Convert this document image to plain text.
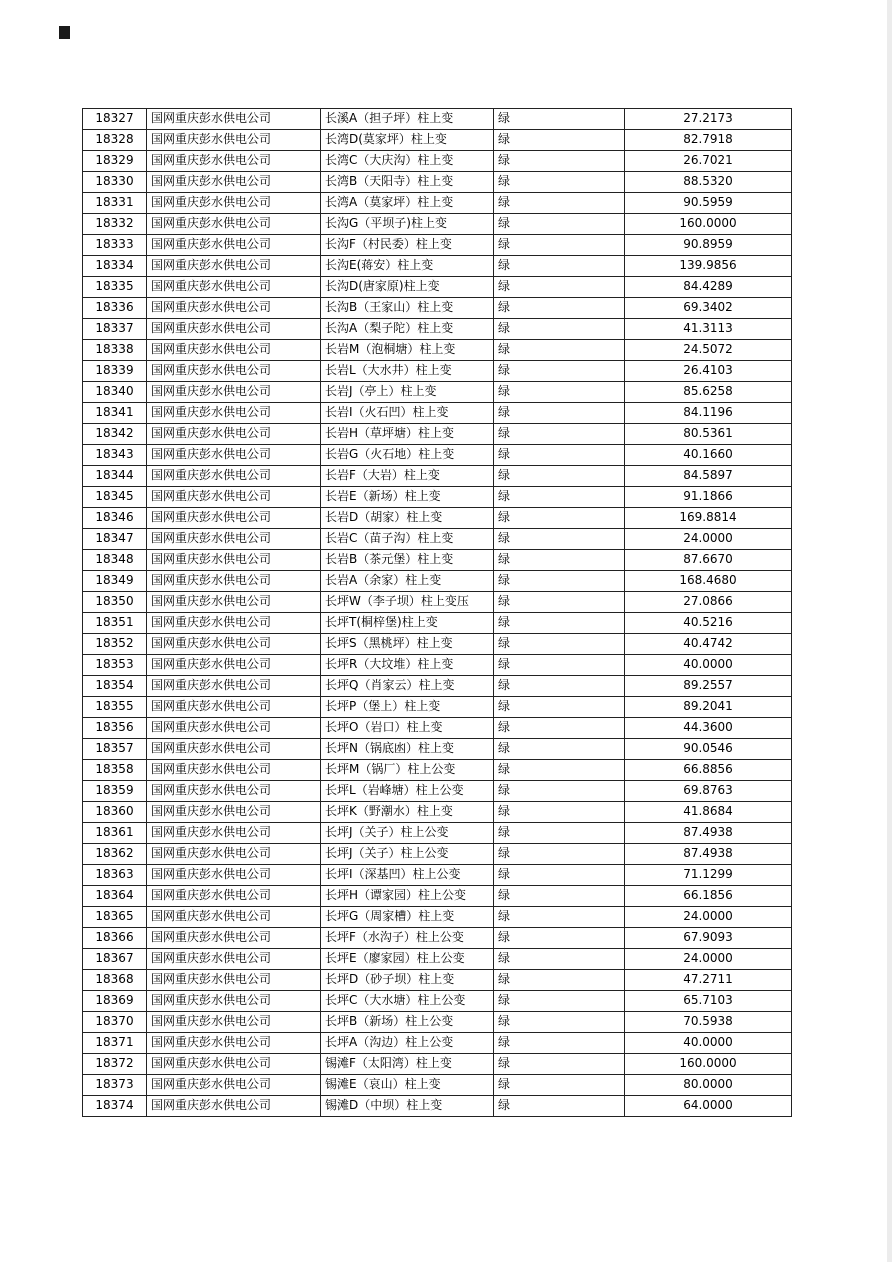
18327	国网重庆彭水供电公司	长溪A（担子坪）柱上变	绿	27.2173
18328	国网重庆彭水供电公司	长湾D(莫家坪）柱上变	绿	82.7918
18329	国网重庆彭水供电公司	长湾C（大庆沟）柱上变	绿	26.7021
18330	国网重庆彭水供电公司	长湾B（天阳寺）柱上变	绿	88.5320
18331	国网重庆彭水供电公司	长湾A（莫家坪）柱上变	绿	90.5959
18332	国网重庆彭水供电公司	长沟G（平坝子)柱上变	绿	160.0000
18333	国网重庆彭水供电公司	长沟F（村民委）柱上变	绿	90.8959
18334	国网重庆彭水供电公司	长沟E(蒋安）柱上变	绿	139.9856
18335	国网重庆彭水供电公司	长沟D(唐家原)柱上变	绿	84.4289
18336	国网重庆彭水供电公司	长沟B（王家山）柱上变	绿	69.3402
18337	国网重庆彭水供电公司	长沟A（梨子陀）柱上变	绿	41.3113
18338	国网重庆彭水供电公司	长岩M（泡桐塘）柱上变	绿	24.5072
18339	国网重庆彭水供电公司	长岩L（大水井）柱上变	绿	26.4103
18340	国网重庆彭水供电公司	长岩J（亭上）柱上变	绿	85.6258
18341	国网重庆彭水供电公司	长岩I（火石凹）柱上变	绿	84.1196
18342	国网重庆彭水供电公司	长岩H（草坪塘）柱上变	绿	80.5361
18343	国网重庆彭水供电公司	长岩G（火石地）柱上变	绿	40.1660
18344	国网重庆彭水供电公司	长岩F（大岩）柱上变	绿	84.5897
18345	国网重庆彭水供电公司	长岩E（新场）柱上变	绿	91.1866
18346	国网重庆彭水供电公司	长岩D（胡家）柱上变	绿	169.8814
18347	国网重庆彭水供电公司	长岩C（苗子沟）柱上变	绿	24.0000
18348	国网重庆彭水供电公司	长岩B（茶元堡）柱上变	绿	87.6670
18349	国网重庆彭水供电公司	长岩A（余家）柱上变	绿	168.4680
18350	国网重庆彭水供电公司	长坪W（李子坝）柱上变压	绿	27.0866
18351	国网重庆彭水供电公司	长坪T(桐梓堡)柱上变	绿	40.5216
18352	国网重庆彭水供电公司	长坪S（黑桃坪）柱上变	绿	40.4742
18353	国网重庆彭水供电公司	长坪R（大坟堆）柱上变	绿	40.0000
18354	国网重庆彭水供电公司	长坪Q（肖家云）柱上变	绿	89.2557
18355	国网重庆彭水供电公司	长坪P（堡上）柱上变	绿	89.2041
18356	国网重庆彭水供电公司	长坪O（岩口）柱上变	绿	44.3600
18357	国网重庆彭水供电公司	长坪N（锅底凼）柱上变	绿	90.0546
18358	国网重庆彭水供电公司	长坪M（锅厂）柱上公变	绿	66.8856
18359	国网重庆彭水供电公司	长坪L（岩峰塘）柱上公变	绿	69.8763
18360	国网重庆彭水供电公司	长坪K（野潮水）柱上变	绿	41.8684
18361	国网重庆彭水供电公司	长坪J（关子）柱上公变	绿	87.4938
18362	国网重庆彭水供电公司	长坪J（关子）柱上公变	绿	87.4938
18363	国网重庆彭水供电公司	长坪I（深基凹）柱上公变	绿	71.1299
18364	国网重庆彭水供电公司	长坪H（谭家园）柱上公变	绿	66.1856
18365	国网重庆彭水供电公司	长坪G（周家槽）柱上变	绿	24.0000
18366	国网重庆彭水供电公司	长坪F（水沟子）柱上公变	绿	67.9093
18367	国网重庆彭水供电公司	长坪E（廖家园）柱上公变	绿	24.0000
18368	国网重庆彭水供电公司	长坪D（砂子坝）柱上变	绿	47.2711
18369	国网重庆彭水供电公司	长坪C（大水塘）柱上公变	绿	65.7103
18370	国网重庆彭水供电公司	长坪B（新场）柱上公变	绿	70.5938
18371	国网重庆彭水供电公司	长坪A（沟边）柱上公变	绿	40.0000
18372	国网重庆彭水供电公司	锡滩F（太阳湾）柱上变	绿	160.0000
18373	国网重庆彭水供电公司	锡滩E（哀山）柱上变	绿	80.0000
18374	国网重庆彭水供电公司	锡滩D（中坝）柱上变	绿	64.0000
